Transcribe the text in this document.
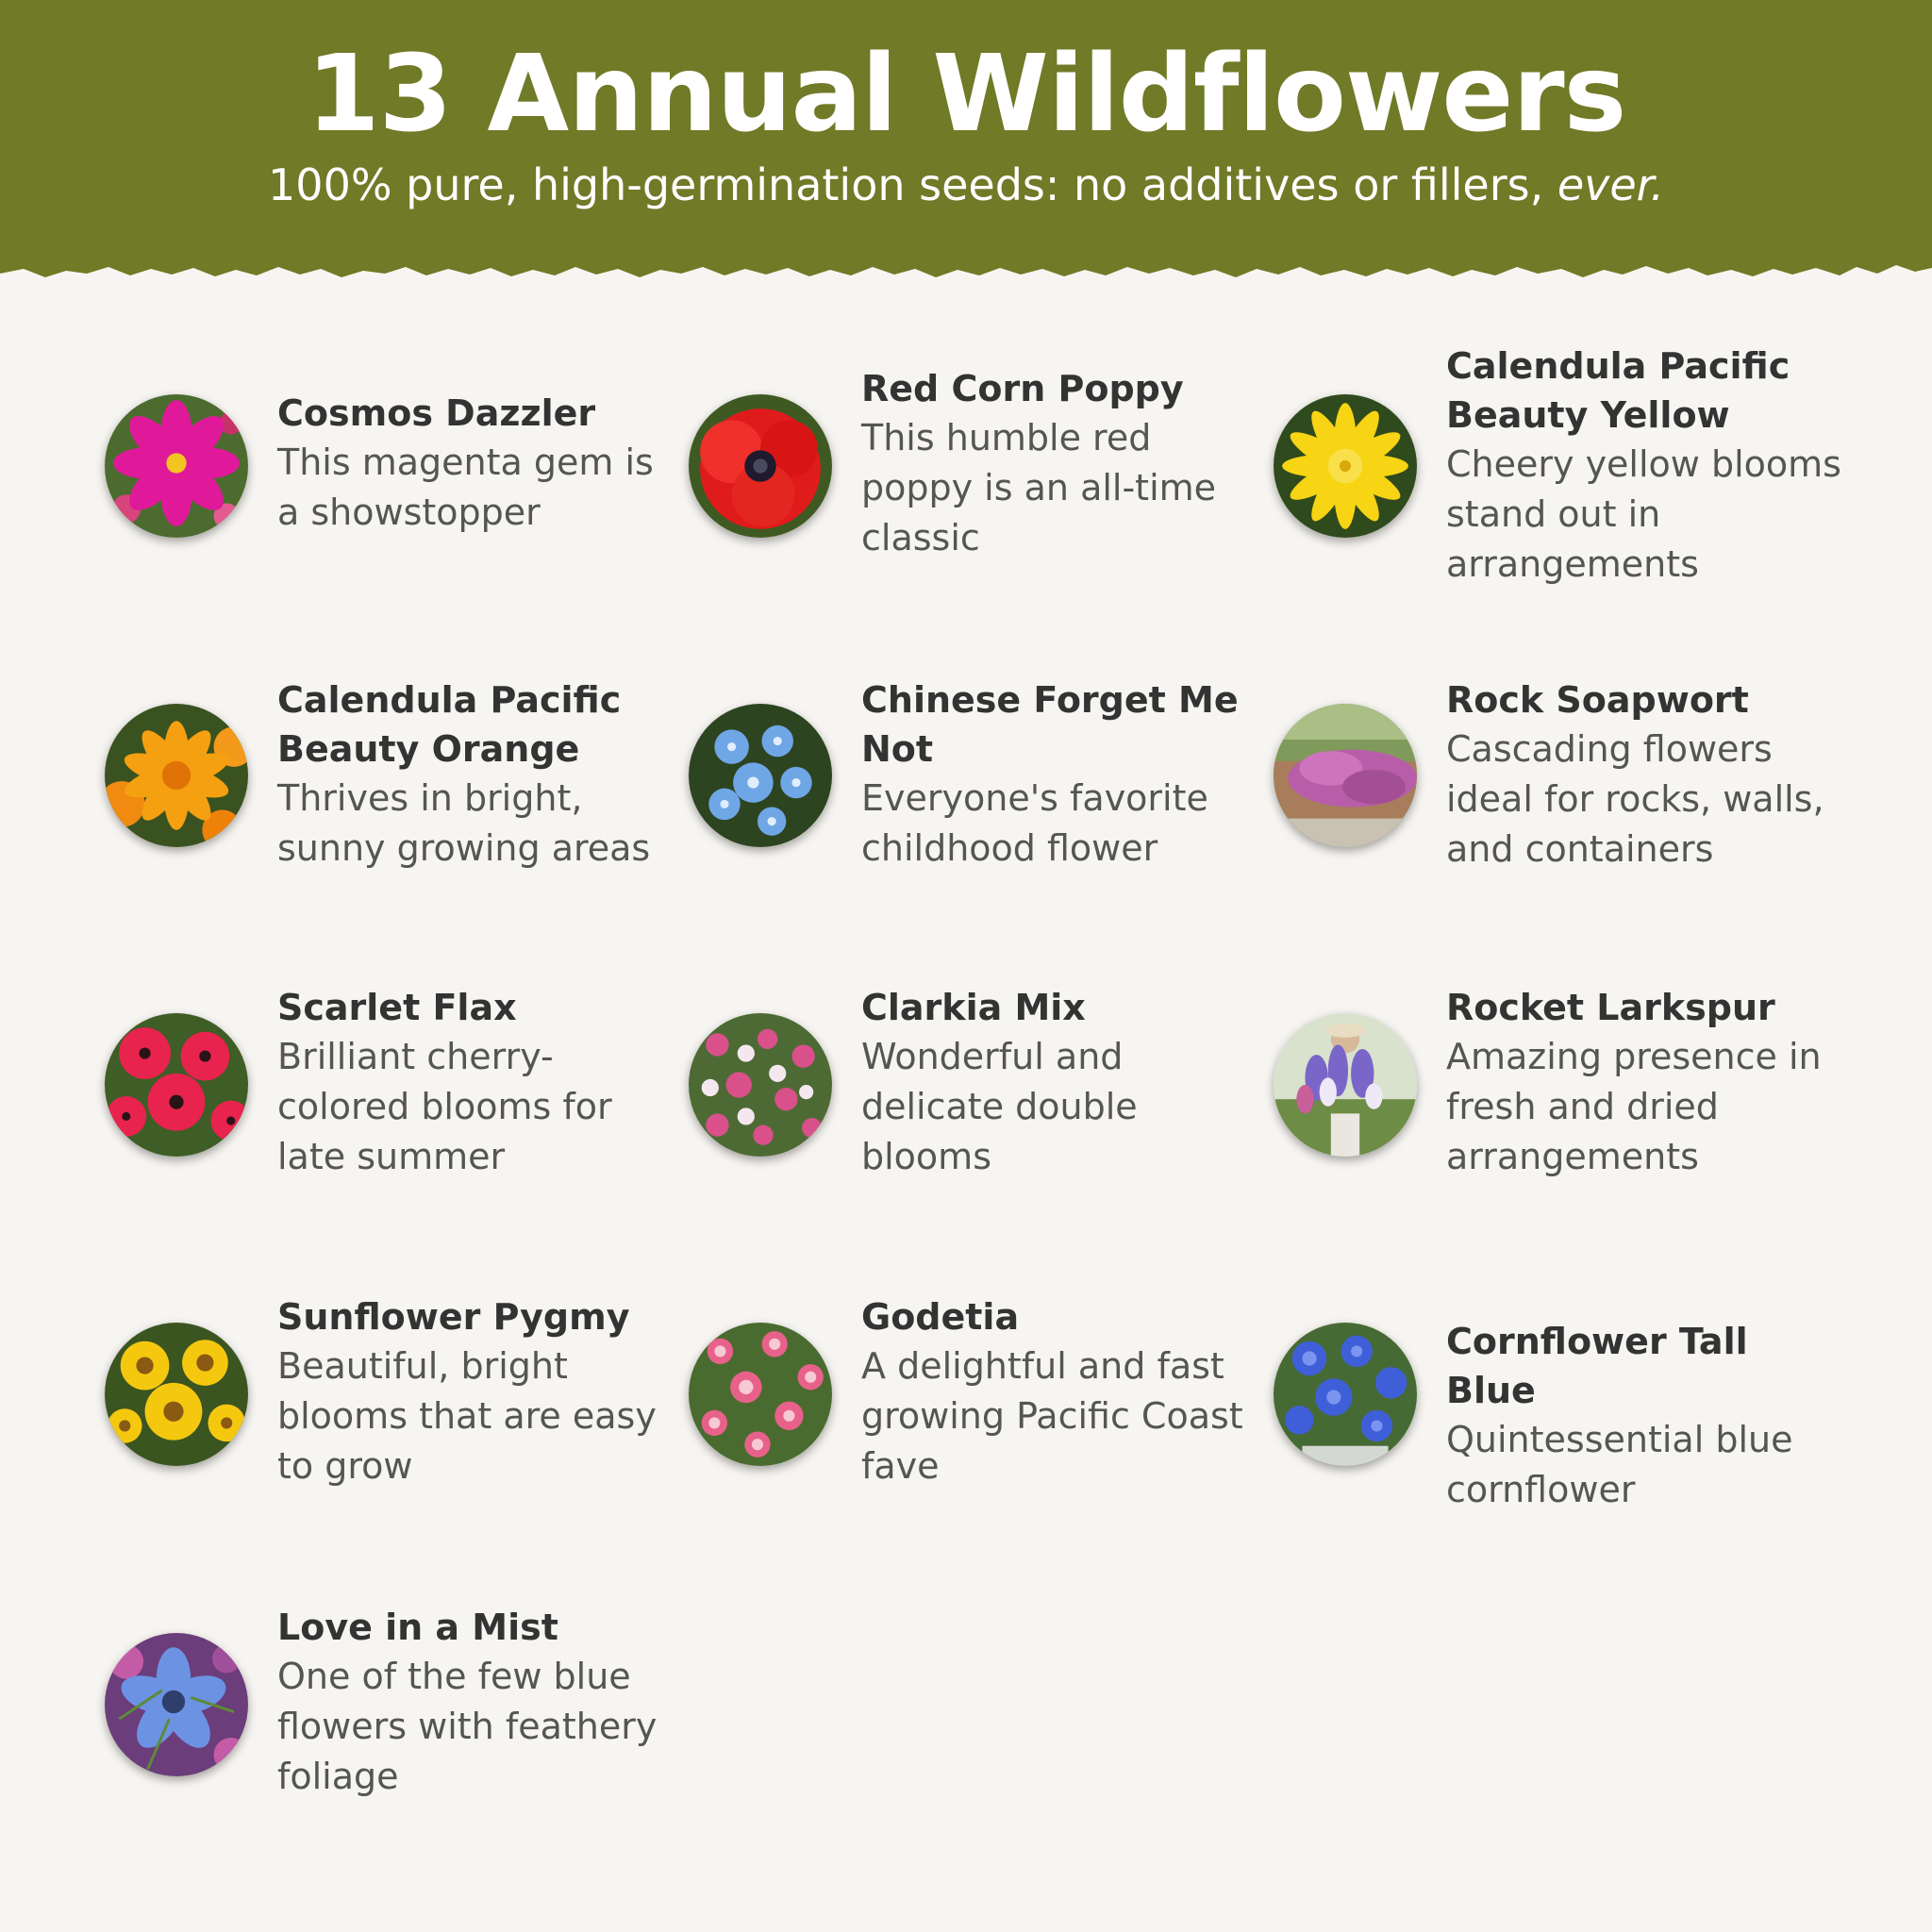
13 Annual Wildflowers

100% pure, high-germination seeds: no additives or fillers, ever.

Cosmos Dazzler

This magenta gem is a showstopper

Red Corn Poppy

This humble red poppy is an all-time classic

Calendula Pacific Beauty Yellow

Cheery yellow blooms stand out in arrangements

Calendula Pacific Beauty Orange

Thrives in bright, sunny growing areas

Chinese Forget Me Not

Everyone's favorite childhood flower

Rock Soapwort

Cascading flowers ideal for rocks, walls, and containers

Scarlet Flax

Brilliant cherry-colored blooms for late summer

Clarkia Mix

Wonderful and delicate double blooms

Rocket Larkspur

Amazing presence in fresh and dried arrangements

Sunflower Pygmy

Beautiful, bright blooms that are easy to grow

Godetia

A delightful and fast growing Pacific Coast fave

Cornflower Tall Blue

Quintessential blue cornflower

Love in a Mist

One of the few blue flowers with feathery foliage
